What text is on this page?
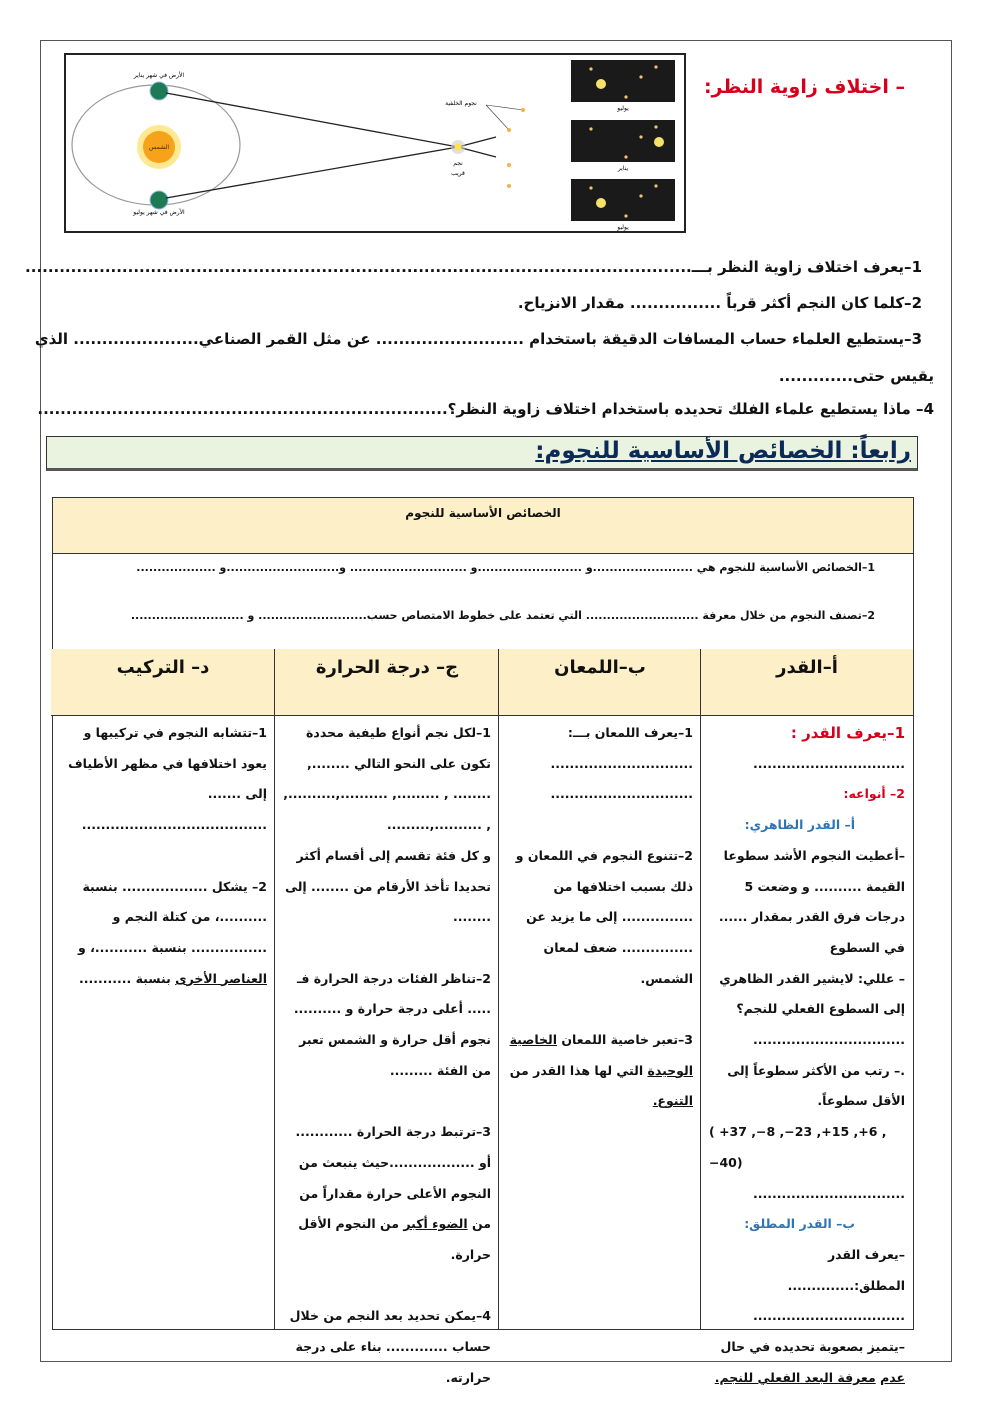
الشمس
الأرض في شهر يناير
الأرض في شهر يوليو
نجم
قريب
نجوم الخلفية
يوليو
يناير
يوليو
– اختلاف زاوية النظر:
1–يعرف اختلاف زاوية النظر بـــ.....................................................................................................................
2–كلما كان النجم أكثر قرباً ................ مقدار الانزياح.
3–يستطيع العلماء حساب المسافات الدقيقة باستخدام .......................... عن مثل القمر الصناعي...................... الذي
يقيس حتى.............
4– ماذا يستطيع علماء الفلك تحديده باستخدام اختلاف زاوية النظر؟........................................................................
رابعاً: الخصائص الأساسية للنجوم:
الخصائص الأساسية للنجوم
1–الخصائص الأساسية للنجوم هي ........................و .........................و ............................ و...........................و ...................
2–تصنف النجوم من خلال معرفة ........................... التي تعتمد على خطوط الامتصاص حسب.......................... و ...........................
أ–القدر
ب–اللمعان
ج– درجة الحرارة
د– التركيب
1–يعرف القدر :
................................
2– أنواعه:
أ– القدر الظاهري:
–أعطيت النجوم الأشد سطوعا القيمة .......... و وضعت 5 درجات فرق القدر بمقدار ...... في السطوع
– عللي: لايشير القدر الظاهري إلى السطوع الفعلي للنجم؟
................................
.– رتب من الأكثر سطوعاً إلى الأقل سطوعاً.
( +37 ,−8 ,−23 ,+15 ,+6 ,−40)
................................
ب– القدر المطلق:
–يعرف القدر المطلق:..............
................................
–يتميز بصعوبة تحديده في حال عدم معرفة البعد الفعلي للنجم.
1–يعرف اللمعان بـــ:
..............................
..............................
2–تتنوع النجوم في اللمعان و ذلك بسبب اختلافها من ............... إلى ما يزيد عن ............... ضعف لمعان الشمس.
3–تعبر خاصية اللمعان الخاصية الوحيدة التي لها هذا القدر من التنوع.
1–لكل نجم أنواع طيفية محددة تكون على النحو التالي ........, ........ , ........., ..........,.........., , ..........,.........
و كل فئة تقسم إلى أقسام أكثر تحديدا تأخذ الأرقام من ........ إلى ........
2–تناظر الفئات درجة الحرارة فـ ..... أعلى درجة حرارة و .......... نجوم أقل حرارة و الشمس تعبر من الفئة .........
3–ترتبط درجة الحرارة ............ أو ..................حيث ينبعث من النجوم الأعلى حرارة مقداراً من من الضوء أكبر من النجوم الأقل حرارة.
4–يمكن تحديد بعد النجم من خلال حساب ............. بناء على درجة حرارته.
1–تتشابه النجوم في تركيبها و يعود اختلافها في مظهر الأطياف إلى .......
.......................................
2– يشكل .................. بنسبة ..........، من كتلة النجم و ................ بنسبة ...........، و العناصر الأخرى بنسبة ...........
